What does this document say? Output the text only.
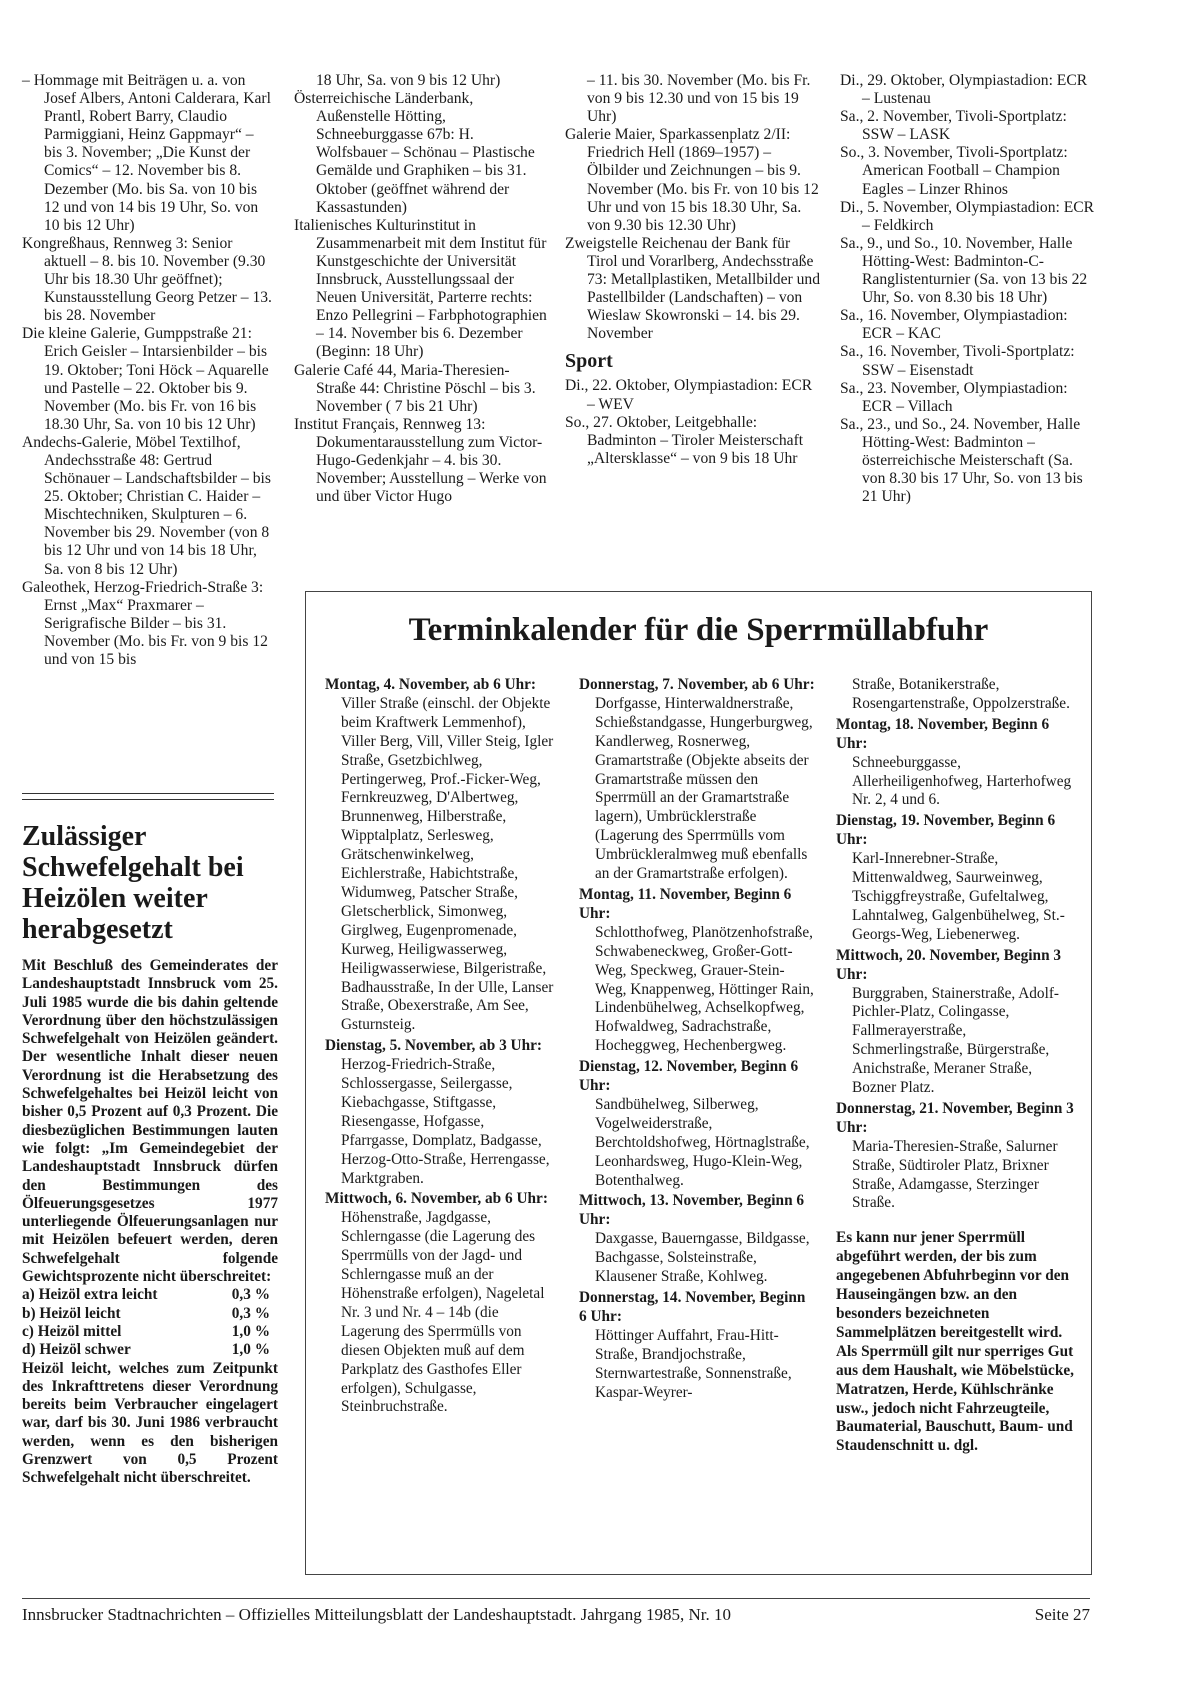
– Hommage mit Beiträgen u. a. von Josef Albers, Antoni Calderara, Karl Prantl, Robert Barry, Claudio Parmiggiani, Heinz Gappmayr“ – bis 3. November; „Die Kunst der Comics“ – 12. November bis 8. Dezember (Mo. bis Sa. von 10 bis 12 und von 14 bis 19 Uhr, So. von 10 bis 12 Uhr)

Kongreßhaus, Rennweg 3: Senior aktuell – 8. bis 10. November (9.30 Uhr bis 18.30 Uhr geöffnet); Kunstausstellung Georg Petzer – 13. bis 28. November

Die kleine Galerie, Gumppstraße 21: Erich Geisler – Intarsienbilder – bis 19. Oktober; Toni Höck – Aquarelle und Pastelle – 22. Oktober bis 9. November (Mo. bis Fr. von 16 bis 18.30 Uhr, Sa. von 10 bis 12 Uhr)

Andechs-Galerie, Möbel Textilhof, Andechsstraße 48: Gertrud Schönauer – Landschaftsbilder – bis 25. Oktober; Christian C. Haider – Mischtechniken, Skulpturen – 6. November bis 29. November (von 8 bis 12 Uhr und von 14 bis 18 Uhr, Sa. von 8 bis 12 Uhr)

Galeothek, Herzog-Friedrich-Straße 3: Ernst „Max“ Praxmarer – Serigrafische Bilder – bis 31. November (Mo. bis Fr. von 9 bis 12 und von 15 bis

18 Uhr, Sa. von 9 bis 12 Uhr)

Österreichische Länderbank, Außenstelle Hötting, Schneeburggasse 67b: H. Wolfsbauer – Schönau – Plastische Gemälde und Graphiken – bis 31. Oktober (geöffnet während der Kassastunden)

Italienisches Kulturinstitut in Zusammenarbeit mit dem Institut für Kunstgeschichte der Universität Innsbruck, Ausstellungssaal der Neuen Universität, Parterre rechts: Enzo Pellegrini – Farbphotographien – 14. November bis 6. Dezember (Beginn: 18 Uhr)

Galerie Café 44, Maria-Theresien-Straße 44: Christine Pöschl – bis 3. November ( 7 bis 21 Uhr)

Institut Français, Rennweg 13: Dokumentarausstellung zum Victor-Hugo-Gedenkjahr – 4. bis 30. November; Ausstellung – Werke von und über Victor Hugo

– 11. bis 30. November (Mo. bis Fr. von 9 bis 12.30 und von 15 bis 19 Uhr)

Galerie Maier, Sparkassenplatz 2/II: Friedrich Hell (1869–1957) – Ölbilder und Zeichnungen – bis 9. November (Mo. bis Fr. von 10 bis 12 Uhr und von 15 bis 18.30 Uhr, Sa. von 9.30 bis 12.30 Uhr)

Zweigstelle Reichenau der Bank für Tirol und Vorarlberg, Andechsstraße 73: Metallplastiken, Metallbilder und Pastellbilder (Landschaften) – von Wieslaw Skowronski – 14. bis 29. November

Sport

Di., 22. Oktober, Olympiastadion: ECR – WEV

So., 27. Oktober, Leitgebhalle: Badminton – Tiroler Meisterschaft „Altersklasse“ – von 9 bis 18 Uhr

Di., 29. Oktober, Olympiastadion: ECR – Lustenau

Sa., 2. November, Tivoli-Sportplatz: SSW – LASK

So., 3. November, Tivoli-Sportplatz: American Football – Champion Eagles – Linzer Rhinos

Di., 5. November, Olympiastadion: ECR – Feldkirch

Sa., 9., und So., 10. November, Halle Hötting-West: Badminton-C-Ranglistenturnier (Sa. von 13 bis 22 Uhr, So. von 8.30 bis 18 Uhr)

Sa., 16. November, Olympiastadion: ECR – KAC

Sa., 16. November, Tivoli-Sportplatz: SSW – Eisenstadt

Sa., 23. November, Olympiastadion: ECR – Villach

Sa., 23., und So., 24. November, Halle Hötting-West: Badminton – österreichische Meisterschaft (Sa. von 8.30 bis 17 Uhr, So. von 13 bis 21 Uhr)

Zulässiger Schwefelgehalt bei Heizölen weiter herabgesetzt

Mit Beschluß des Gemeinderates der Landeshauptstadt Innsbruck vom 25. Juli 1985 wurde die bis dahin geltende Verordnung über den höchstzulässigen Schwefelgehalt von Heizölen geändert. Der wesentliche Inhalt dieser neuen Verordnung ist die Herabsetzung des Schwefelgehaltes bei Heizöl leicht von bisher 0,5 Prozent auf 0,3 Prozent. Die diesbezüglichen Bestimmungen lauten wie folgt: „Im Gemeindegebiet der Landeshauptstadt Innsbruck dürfen den Bestimmungen des Ölfeuerungsgesetzes 1977 unterliegende Ölfeuerungsanlagen nur mit Heizölen befeuert werden, deren Schwefelgehalt folgende Gewichtsprozente nicht überschreitet:

a) Heizöl extra leicht	0,3 %
b) Heizöl leicht	0,3 %
c) Heizöl mittel	1,0 %
d) Heizöl schwer	1,0 %

Heizöl leicht, welches zum Zeitpunkt des Inkrafttretens dieser Verordnung bereits beim Verbraucher eingelagert war, darf bis 30. Juni 1986 verbraucht werden, wenn es den bisherigen Grenzwert von 0,5 Prozent Schwefelgehalt nicht überschreitet.

Terminkalender für die Sperrmüllabfuhr

Montag, 4. November, ab 6 Uhr:

Viller Straße (einschl. der Objekte beim Kraftwerk Lemmenhof), Viller Berg, Vill, Viller Steig, Igler Straße, Gsetzbichlweg, Pertingerweg, Prof.-Ficker-Weg, Fernkreuzweg, D'Albertweg, Brunnenweg, Hilberstraße, Wipptalplatz, Serlesweg, Grätschenwinkelweg, Eichlerstraße, Habichtstraße, Widumweg, Patscher Straße, Gletscherblick, Simonweg, Girglweg, Eugenpromenade, Kurweg, Heiligwasserweg, Heiligwasserwiese, Bilgeristraße, Badhausstraße, In der Ulle, Lanser Straße, Obexerstraße, Am See, Gsturnsteig.

Dienstag, 5. November, ab 3 Uhr:

Herzog-Friedrich-Straße, Schlossergasse, Seilergasse, Kiebachgasse, Stiftgasse, Riesengasse, Hofgasse, Pfarrgasse, Domplatz, Badgasse, Herzog-Otto-Straße, Herrengasse, Marktgraben.

Mittwoch, 6. November, ab 6 Uhr:

Höhenstraße, Jagdgasse, Schlerngasse (die Lagerung des Sperrmülls von der Jagd- und Schlerngasse muß an der Höhenstraße erfolgen), Nageletal Nr. 3 und Nr. 4 – 14b (die Lagerung des Sperrmülls von diesen Objekten muß auf dem Parkplatz des Gasthofes Eller erfolgen), Schulgasse, Steinbruchstraße.

Donnerstag, 7. November, ab 6 Uhr:

Dorfgasse, Hinterwaldnerstraße, Schießstandgasse, Hungerburgweg, Kandlerweg, Rosnerweg, Gramartstraße (Objekte abseits der Gramartstraße müssen den Sperrmüll an der Gramartstraße lagern), Umbrücklerstraße (Lagerung des Sperrmülls vom Umbrückleralmweg muß ebenfalls an der Gramartstraße erfolgen).

Montag, 11. November, Beginn 6 Uhr:

Schlotthofweg, Planötzenhofstraße, Schwabeneckweg, Großer-Gott-Weg, Speckweg, Grauer-Stein-Weg, Knappenweg, Höttinger Rain, Lindenbühelweg, Achselkopfweg, Hofwaldweg, Sadrachstraße, Hocheggweg, Hechenbergweg.

Dienstag, 12. November, Beginn 6 Uhr:

Sandbühelweg, Silberweg, Vogelweiderstraße, Berchtoldshofweg, Hörtnaglstraße, Leonhardsweg, Hugo-Klein-Weg, Botenthalweg.

Mittwoch, 13. November, Beginn 6 Uhr:

Daxgasse, Bauerngasse, Bildgasse, Bachgasse, Solsteinstraße, Klausener Straße, Kohlweg.

Donnerstag, 14. November, Beginn 6 Uhr:

Höttinger Auffahrt, Frau-Hitt-Straße, Brandjochstraße, Sternwartestraße, Sonnenstraße, Kaspar-Weyrer-

Straße, Botanikerstraße, Rosengartenstraße, Oppolzerstraße.

Montag, 18. November, Beginn 6 Uhr:

Schneeburggasse, Allerheiligenhofweg, Harterhofweg Nr. 2, 4 und 6.

Dienstag, 19. November, Beginn 6 Uhr:

Karl-Innerebner-Straße, Mittenwaldweg, Saurweinweg, Tschiggfreystraße, Gufeltalweg, Lahntalweg, Galgenbühelweg, St.-Georgs-Weg, Liebenerweg.

Mittwoch, 20. November, Beginn 3 Uhr:

Burggraben, Stainerstraße, Adolf-Pichler-Platz, Colingasse, Fallmerayerstraße, Schmerlingstraße, Bürgerstraße, Anichstraße, Meraner Straße, Bozner Platz.

Donnerstag, 21. November, Beginn 3 Uhr:

Maria-Theresien-Straße, Salurner Straße, Südtiroler Platz, Brixner Straße, Adamgasse, Sterzinger Straße.

Es kann nur jener Sperrmüll abgeführt werden, der bis zum angegebenen Abfuhrbeginn vor den Hauseingängen bzw. an den besonders bezeichneten Sammelplätzen bereitgestellt wird. Als Sperrmüll gilt nur sperriges Gut aus dem Haushalt, wie Möbelstücke, Matratzen, Herde, Kühlschränke usw., jedoch nicht Fahrzeugteile, Baumaterial, Bauschutt, Baum- und Staudenschnitt u. dgl.

Innsbrucker Stadtnachrichten – Offizielles Mitteilungsblatt der Landeshauptstadt. Jahrgang 1985, Nr. 10	Seite 27
